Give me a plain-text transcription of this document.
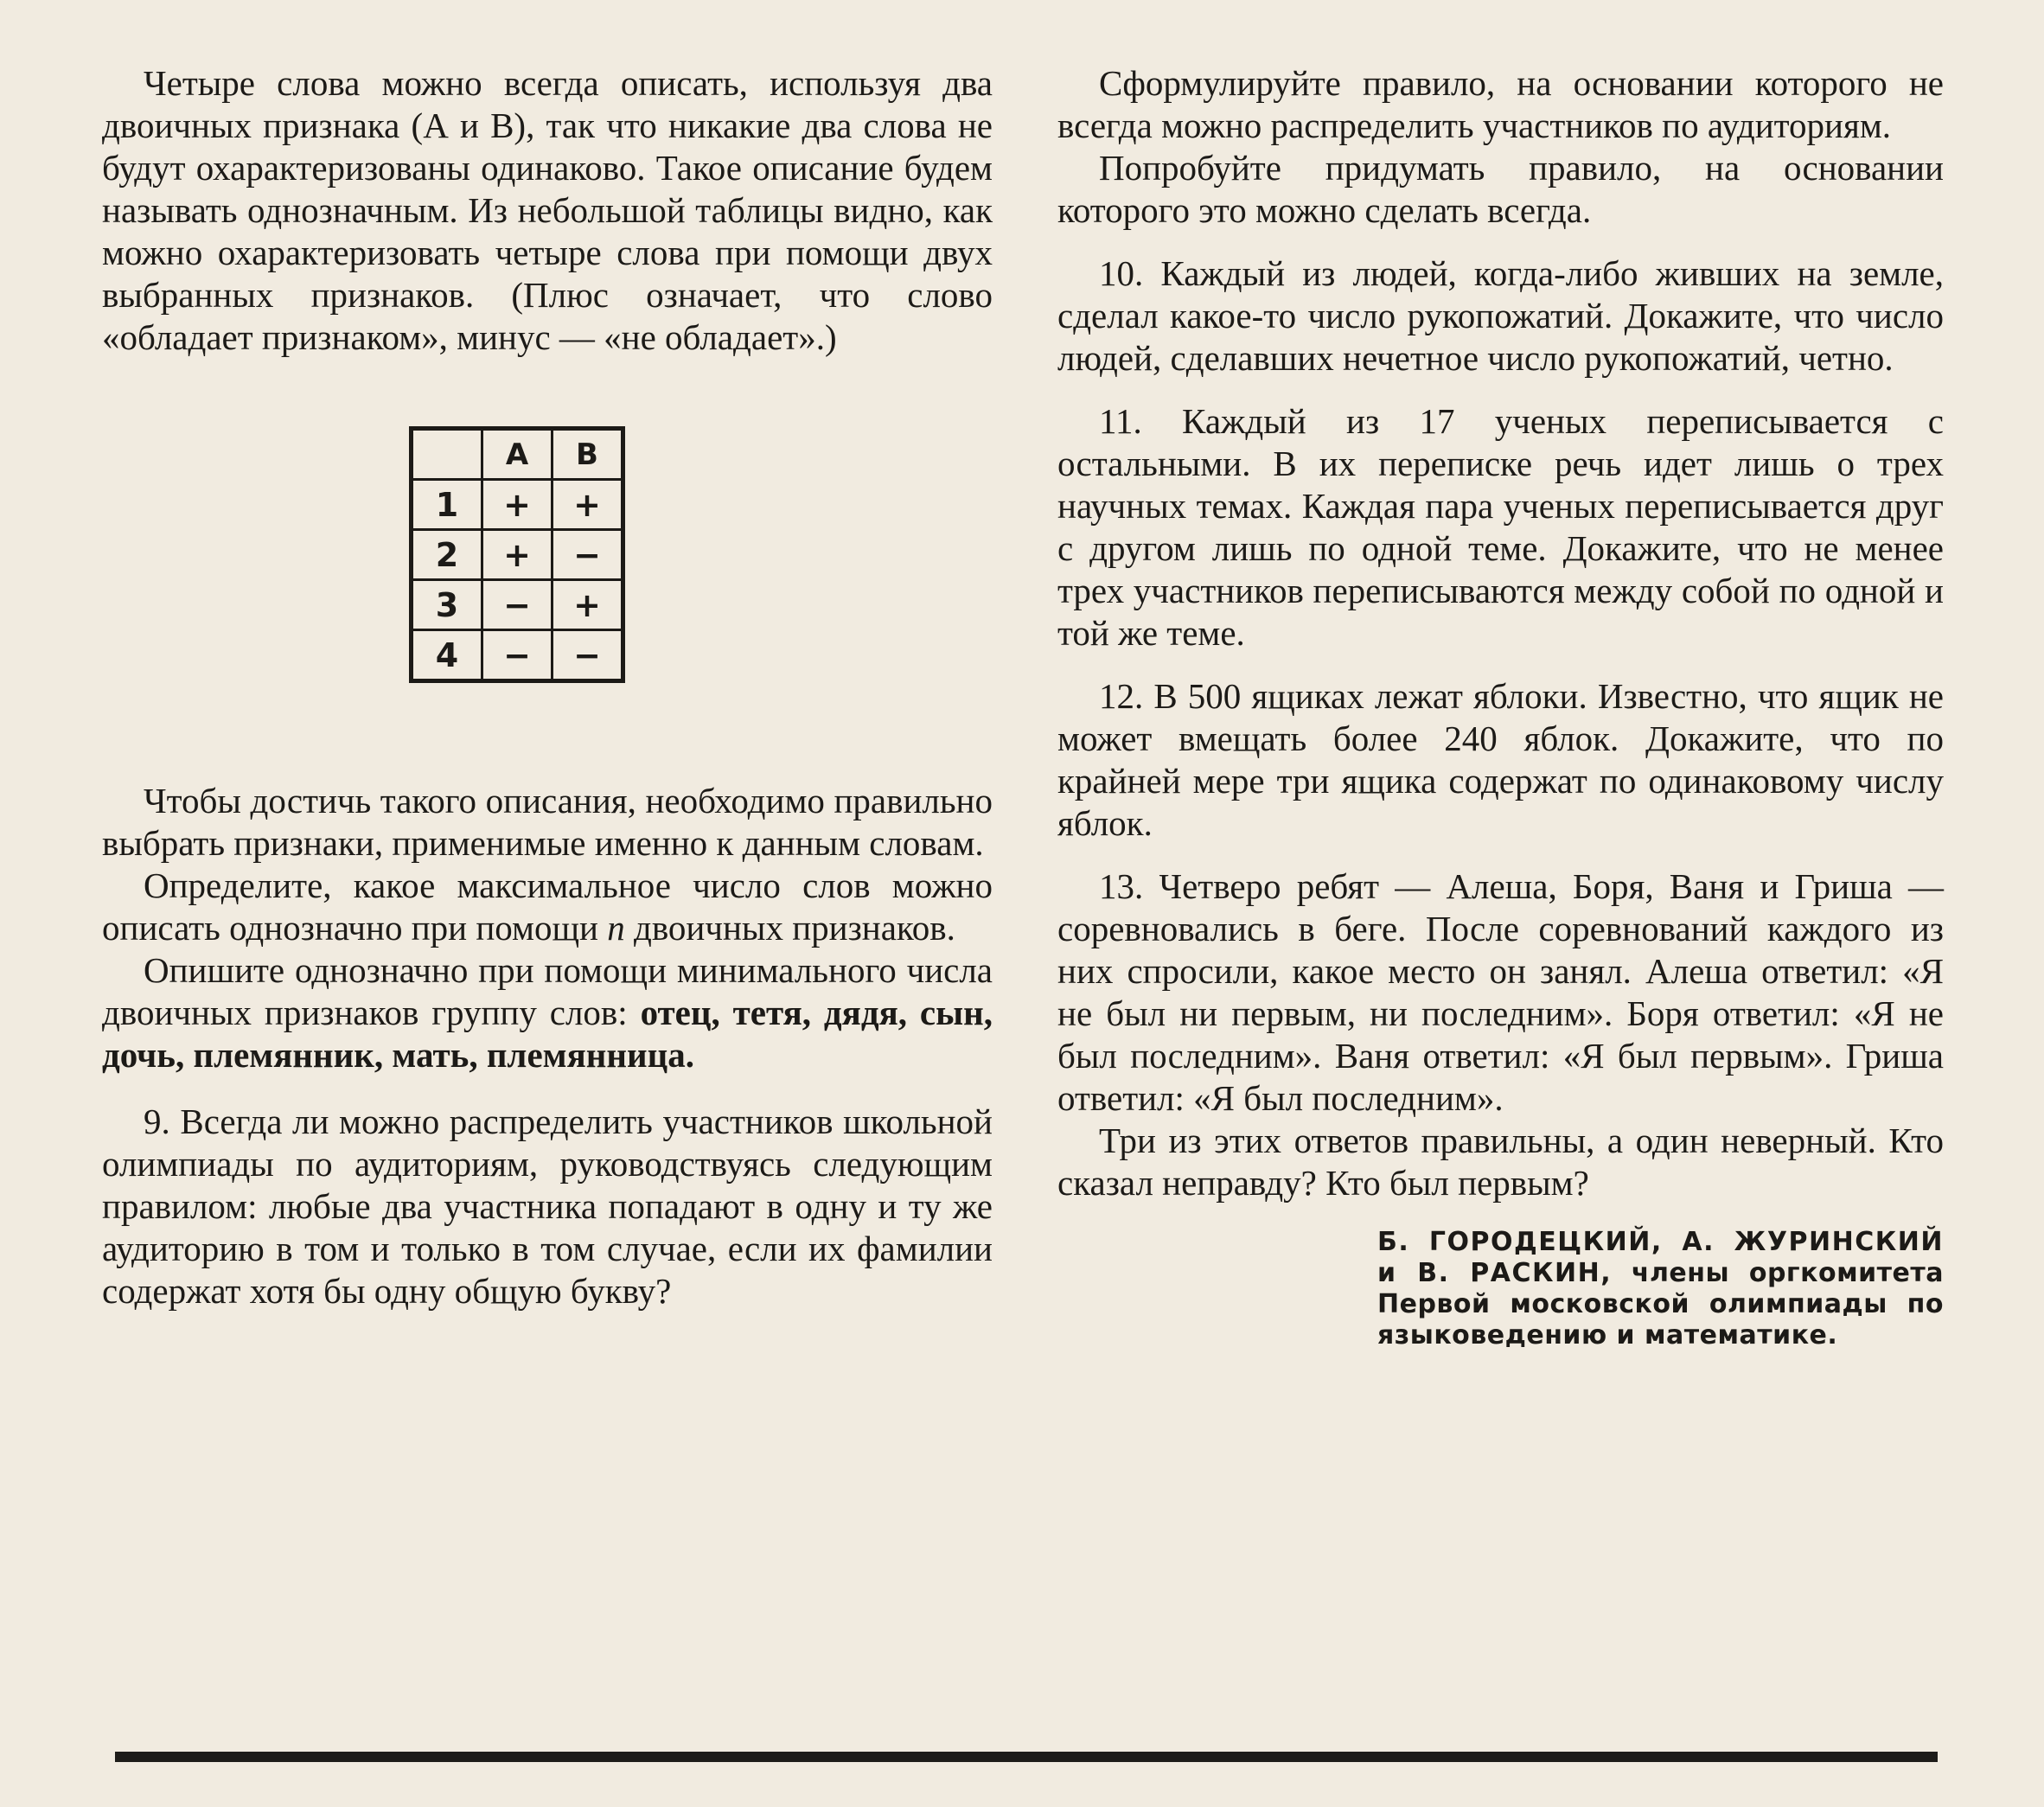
Четыре слова можно всегда описать, используя два двоичных признака (А и В), так что никакие два слова не будут охарактеризованы одинаково. Такое описание будем называть однозначным. Из небольшой таблицы видно, как можно охарактеризовать четыре слова при помощи двух выбранных признаков. (Плюс означает, что слово «обладает признаком», минус — «не обладает».)

	А	В
1	+	+
2	+	−
3	−	+
4	−	−

Чтобы достичь такого описания, необходимо правильно выбрать признаки, применимые именно к данным словам.

Определите, какое максимальное число слов можно описать однозначно при помощи n двоичных признаков.

Опишите однозначно при помощи минимального числа двоичных признаков группу слов: отец, тетя, дядя, сын, дочь, племянник, мать, племянница.

9. Всегда ли можно распределить участников школьной олимпиады по аудиториям, руководствуясь следующим правилом: любые два участника попадают в одну и ту же аудиторию в том и только в том случае, если их фамилии содержат хотя бы одну общую букву?

Сформулируйте правило, на основании которого не всегда можно распределить участников по аудиториям.

Попробуйте придумать правило, на основании которого это можно сделать всегда.

10. Каждый из людей, когда-либо живших на земле, сделал какое-то число рукопожатий. Докажите, что число людей, сделавших нечетное число рукопожатий, четно.

11. Каждый из 17 ученых переписывается с остальными. В их переписке речь идет лишь о трех научных темах. Каждая пара ученых переписывается друг с другом лишь по одной теме. Докажите, что не менее трех участников переписываются между собой по одной и той же теме.

12. В 500 ящиках лежат яблоки. Известно, что ящик не может вмещать более 240 яблок. Докажите, что по крайней мере три ящика содержат по одинаковому числу яблок.

13. Четверо ребят — Алеша, Боря, Ваня и Гриша — соревновались в беге. После соревнований каждого из них спросили, какое место он занял. Алеша ответил: «Я не был ни первым, ни последним». Боря ответил: «Я не был последним». Ваня ответил: «Я был первым». Гриша ответил: «Я был последним».

Три из этих ответов правильны, а один неверный. Кто сказал неправду? Кто был первым?

Б. ГОРОДЕЦКИЙ, А. ЖУРИНСКИЙ и В. РАСКИН, члены оргкомитета Первой московской олимпиады по языковедению и математике.
